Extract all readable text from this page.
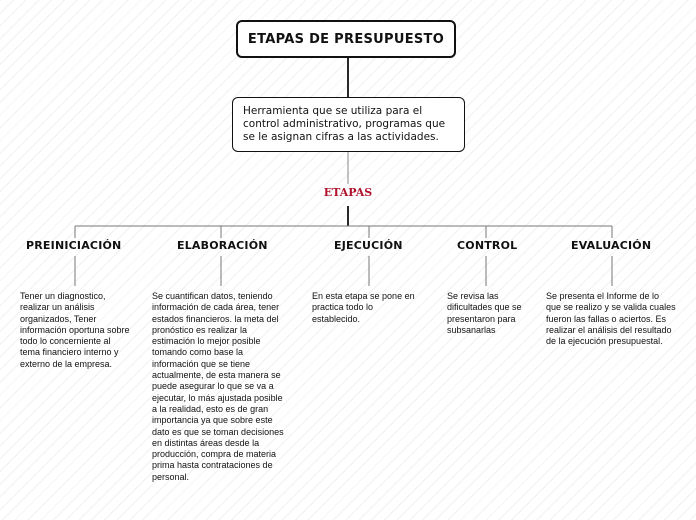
ETAPAS DE PRESUPUESTO
Herramienta que se utiliza para el control administrativo, programas que se le asignan cifras a las actividades.
ETAPAS
PREINICIACIÓN	ELABORACIÓN	EJECUCIÓN	CONTROL	EVALUACIÓN
Tener un diagnostico, realizar un análisis organizados, Tener información oportuna sobre todo lo concerniente al tema financiero interno y externo de la empresa.
Se cuantifican datos, teniendo información de cada área, tener estados financieros. la meta del pronóstico es realizar la estimación lo mejor posible tomando como base la información que se tiene actualmente, de esta manera se puede asegurar lo que se va a ejecutar, lo más ajustada posible a la realidad, esto es de gran importancia ya que sobre este dato es que se toman decisiones en distintas áreas desde la producción, compra de materia prima hasta contrataciones de personal.
En esta etapa se pone en practica todo lo establecido.
Se revisa las dificultades que se presentaron para subsanarlas
Se presenta el Informe de lo que se realizo y se valida cuales fueron las fallas o aciertos. Es realizar el análisis del resultado de la ejecución presupuestal.
